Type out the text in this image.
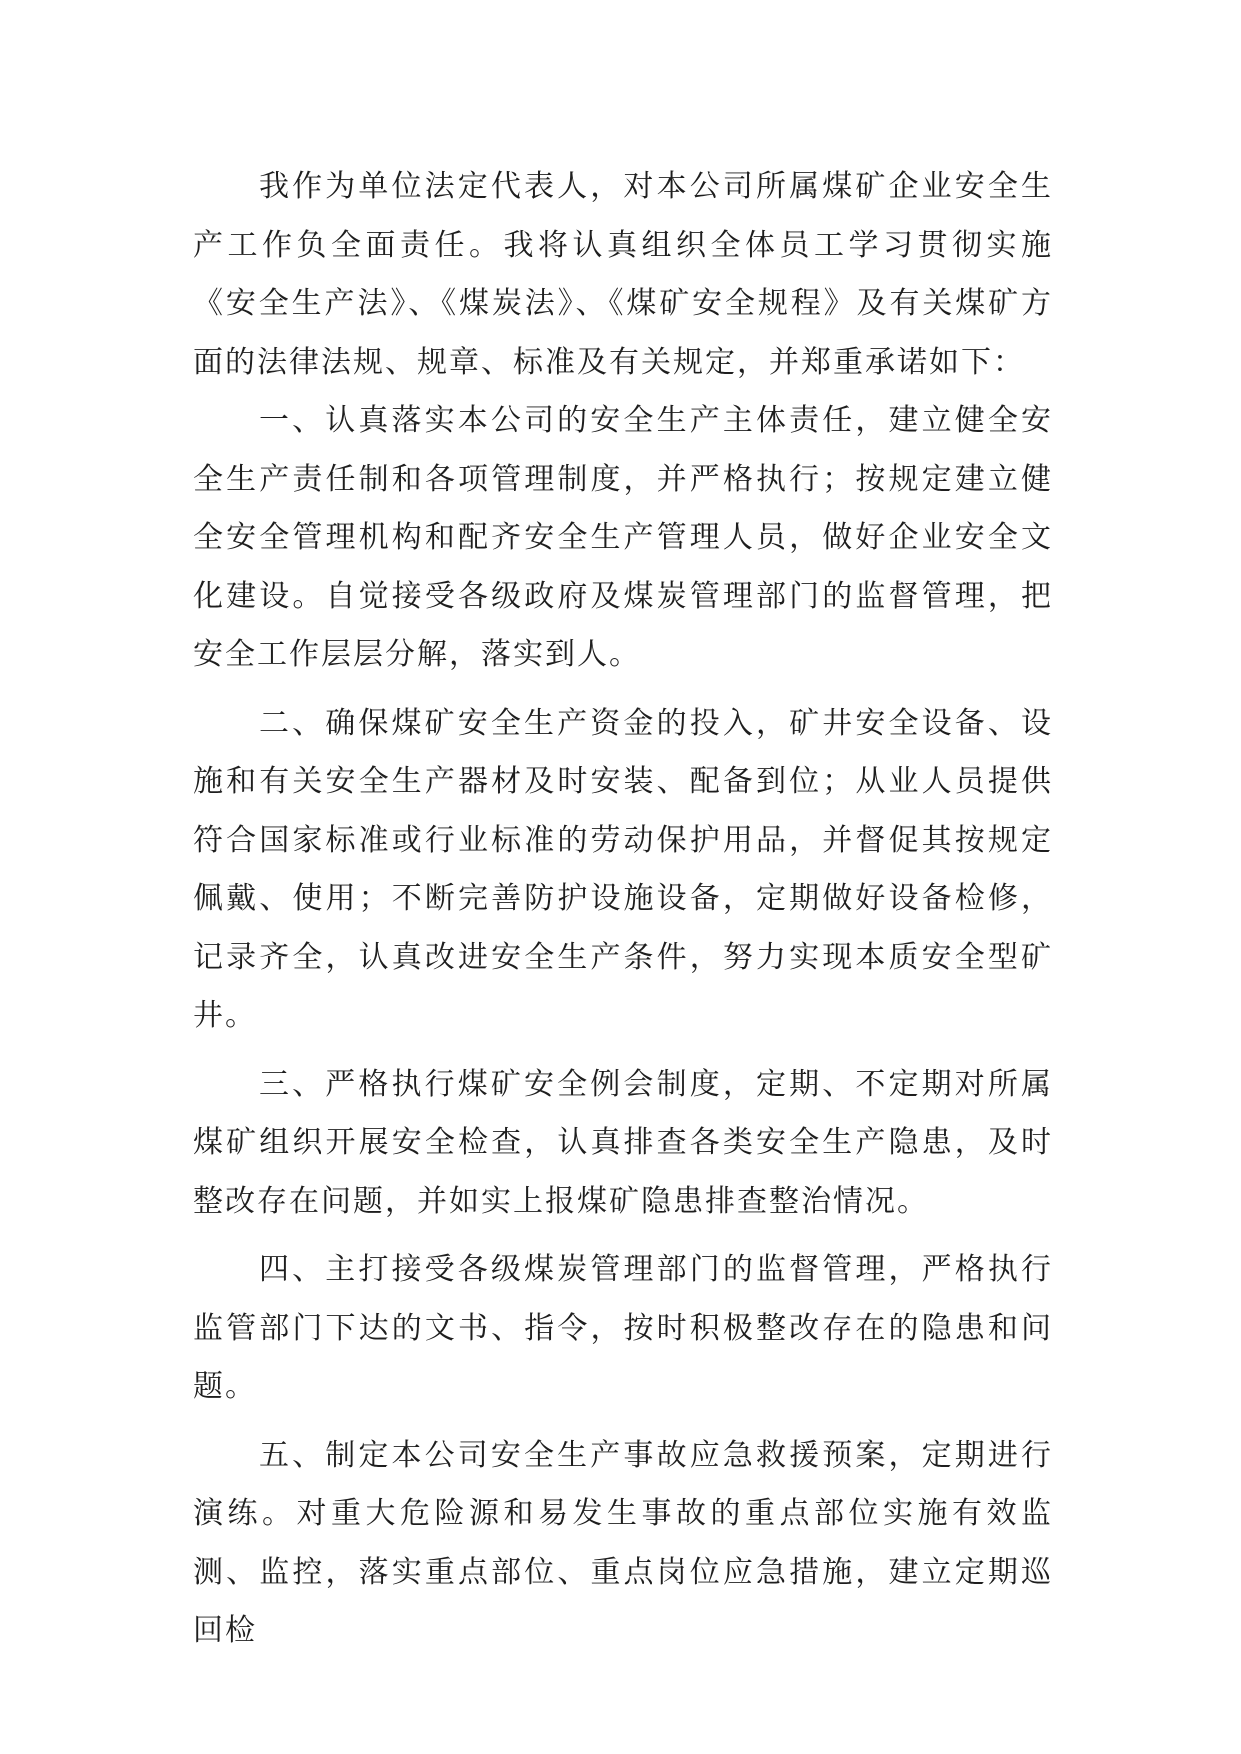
我作为单位法定代表人，对本公司所属煤矿企业安全生产工作负全面责任。我将认真组织全体员工学习贯彻实施《安全生产法》、《煤炭法》、《煤矿安全规程》及有关煤矿方面的法律法规、规章、标准及有关规定，并郑重承诺如下：

一、认真落实本公司的安全生产主体责任，建立健全安全生产责任制和各项管理制度，并严格执行；按规定建立健全安全管理机构和配齐安全生产管理人员，做好企业安全文化建设。自觉接受各级政府及煤炭管理部门的监督管理，把安全工作层层分解，落实到人。

二、确保煤矿安全生产资金的投入，矿井安全设备、设施和有关安全生产器材及时安装、配备到位；从业人员提供符合国家标准或行业标准的劳动保护用品，并督促其按规定佩戴、使用；不断完善防护设施设备，定期做好设备检修，记录齐全，认真改进安全生产条件，努力实现本质安全型矿井。

三、严格执行煤矿安全例会制度，定期、不定期对所属煤矿组织开展安全检查，认真排查各类安全生产隐患，及时整改存在问题，并如实上报煤矿隐患排查整治情况。

四、主打接受各级煤炭管理部门的监督管理，严格执行监管部门下达的文书、指令，按时积极整改存在的隐患和问题。

五、制定本公司安全生产事故应急救援预案，定期进行演练。对重大危险源和易发生事故的重点部位实施有效监测、监控，落实重点部位、重点岗位应急措施，建立定期巡回检
